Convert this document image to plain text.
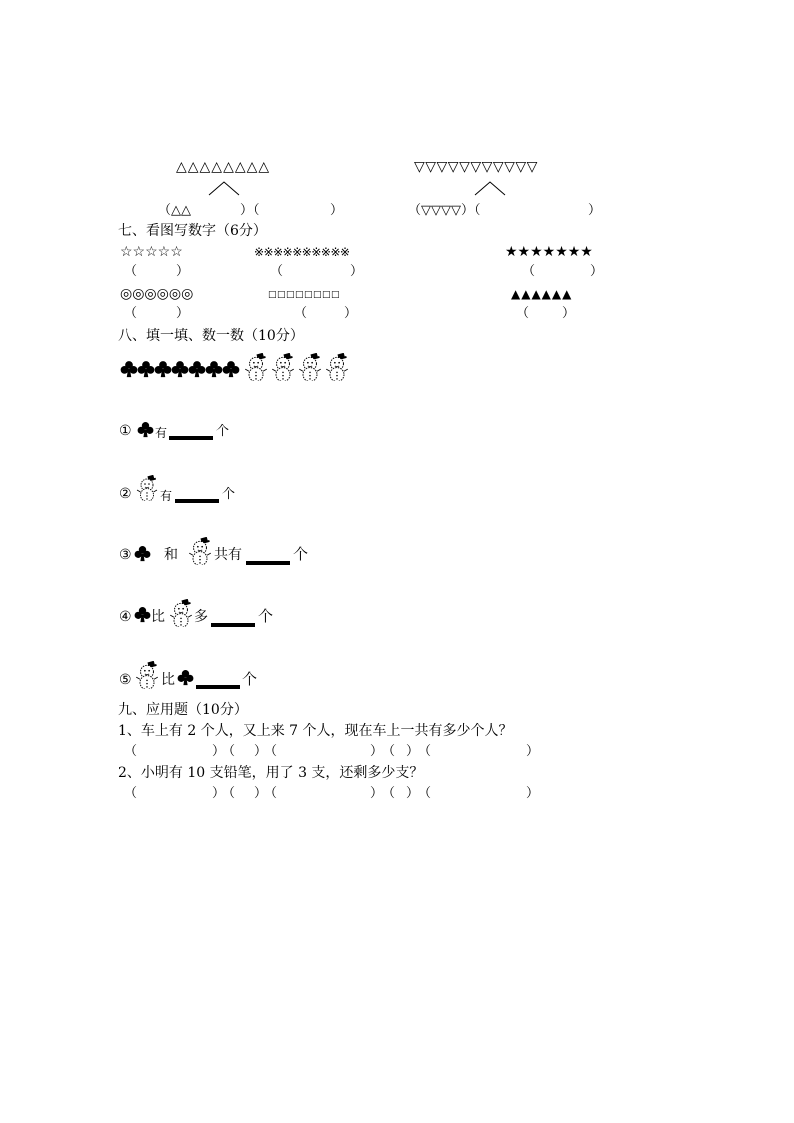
△△△△△△△△
（△△	）（	）
▽▽▽▽▽▽▽▽▽▽▽
（▽▽▽▽）（	）
七、看图写数字（6分）
☆☆☆☆☆	※※※※※※※※※※	★★★★★★★
（	）	（	）	（	）
◎◎◎◎◎◎	□□□□□□□□	▲▲▲▲▲▲
（	）	（	）	（	）
八、填一填、数一数（10分）
① 有	个
② 有	个
③ 和	共有	个
④ 比 多	个
⑤ 比	个
九、应用题（10分）
1、车上有 2 个人，又上来 7 个人，现在车上一共有多少个人？
（	）
（ ）
（	）
（ ）
（	）
2、小明有 10 支铅笔，用了 3 支，还剩多少支？
（	）
（ ）
（	）
（ ）
（	）
